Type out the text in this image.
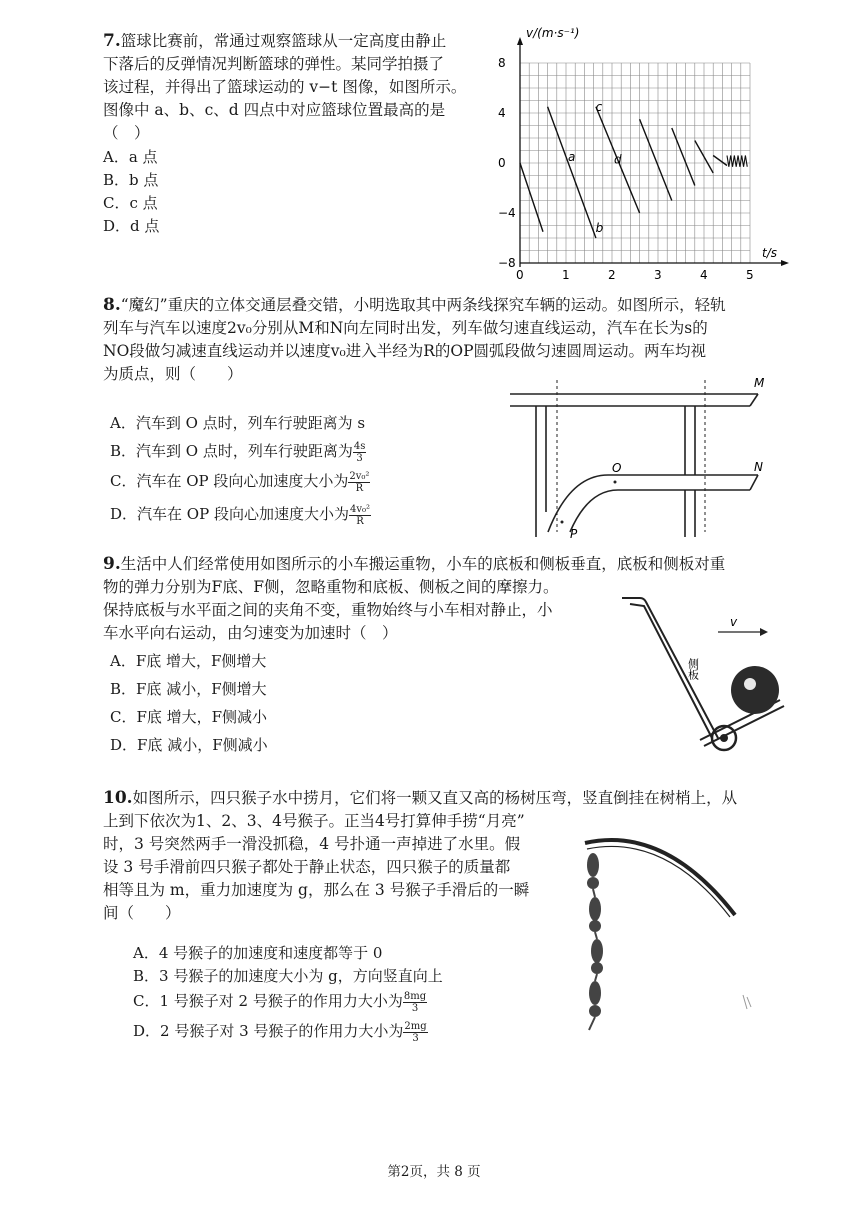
7.篮球比赛前，常通过观察篮球从一定高度由静止
下落后的反弹情况判断篮球的弹性。某同学拍摄了
该过程，并得出了篮球运动的 v−t 图像，如图所示。
图像中 a、b、c、d 四点中对应篮球位置最高的是
（　）
A．a 点
B．b 点
C．c 点
D．d 点
0	1	2	3	4	5
8
4
0
−4
−8
a
b
c
d
v/(m·s⁻¹)
t/s
8.“魔幻”重庆的立体交通层叠交错，小明选取其中两条线探究车辆的运动。如图所示，轻轨
列车与汽车以速度2v₀分别从M和N向左同时出发，列车做匀速直线运动，汽车在长为s的
NO段做匀减速直线运动并以速度v₀进入半经为R的OP圆弧段做匀速圆周运动。两车均视
为质点，则（　　）
A．汽车到 O 点时，列车行驶距离为 s
B．汽车到 O 点时，列车行驶距离为 $\frac{4s}{3}$
C．汽车在 OP 段向心加速度大小为 $\frac{\text{2v₀²}}{R}$
D．汽车在 OP 段向心加速度大小为 $\frac{\text{4v₀²}}{R}$
M
N
O
P
9.生活中人们经常使用如图所示的小车搬运重物，小车的底板和侧板垂直，底板和侧板对重
物的弹力分别为F底、F侧，忽略重物和底板、侧板之间的摩擦力。
保持底板与水平面之间的夹角不变，重物始终与小车相对静止，小
车水平向右运动，由匀速变为加速时（　）
A．F底 增大，F侧增大
B．F底 减小，F侧增大
C．F底 增大，F侧减小
D．F底 减小，F侧减小
v
侧板
10.如图所示，四只猴子水中捞月，它们将一颗又直又高的杨树压弯，竖直倒挂在树梢上，从
上到下依次为1、2、3、4号猴子。正当4号打算伸手捞“月亮”
时，3 号突然两手一滑没抓稳，4 号扑通一声掉进了水里。假
设 3 号手滑前四只猴子都处于静止状态，四只猴子的质量都
相等且为 m，重力加速度为 g，那么在 3 号猴子手滑后的一瞬
间（　　）
A．4 号猴子的加速度和速度都等于 0
B．3 号猴子的加速度大小为 g，方向竖直向上
C．1 号猴子对 2 号猴子的作用力大小为 $\frac{8mg}{3}$
D．2 号猴子对 3 号猴子的作用力大小为 $\frac{2mg}{3}$
第2页，共 8 页
